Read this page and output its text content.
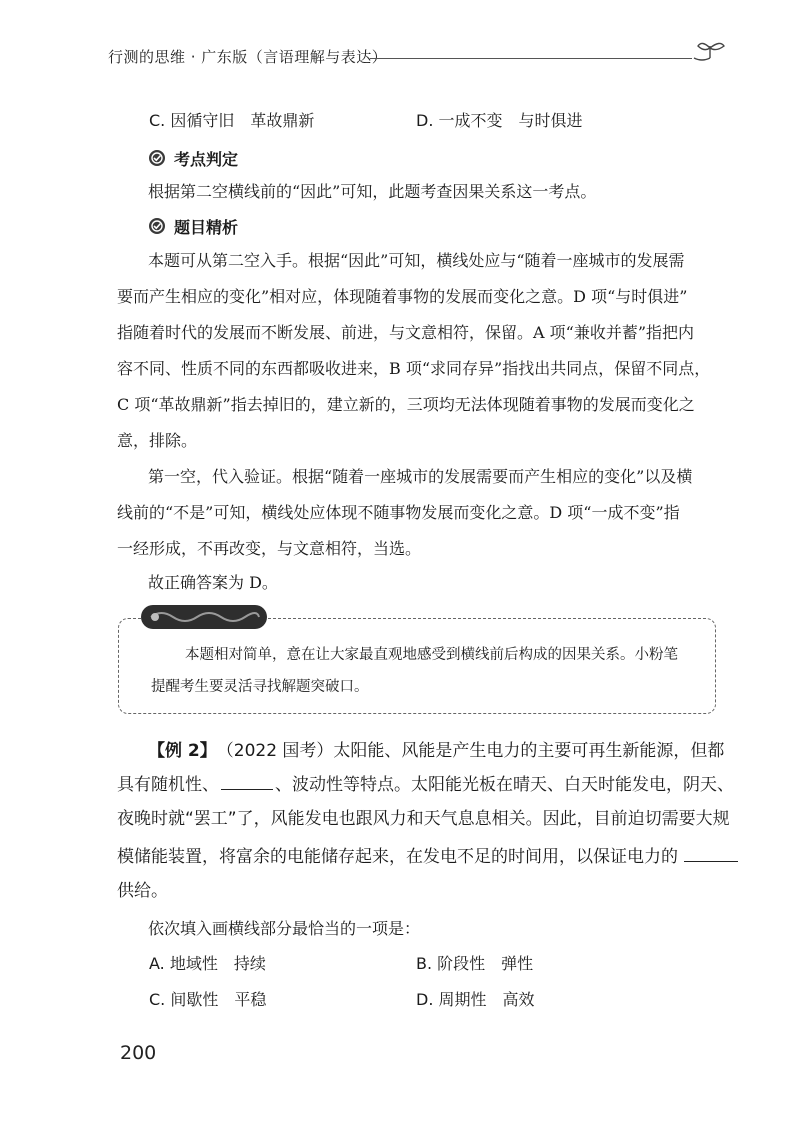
行测的思维 · 广东版（言语理解与表达）
C. 因循守旧　革故鼎新	D. 一成不变　与时俱进
考点判定
根据第二空横线前的“因此”可知，此题考查因果关系这一考点。
题目精析
本题可从第二空入手。根据“因此”可知，横线处应与“随着一座城市的发展需
要而产生相应的变化”相对应，体现随着事物的发展而变化之意。D 项“与时俱进”
指随着时代的发展而不断发展、前进，与文意相符，保留。A 项“兼收并蓄”指把内
容不同、性质不同的东西都吸收进来，B 项“求同存异”指找出共同点，保留不同点，
C 项“革故鼎新”指去掉旧的，建立新的，三项均无法体现随着事物的发展而变化之
意，排除。
第一空，代入验证。根据“随着一座城市的发展需要而产生相应的变化”以及横
线前的“不是”可知，横线处应体现不随事物发展而变化之意。D 项“一成不变”指
一经形成，不再改变，与文意相符，当选。
故正确答案为 D。
本题相对简单，意在让大家最直观地感受到横线前后构成的因果关系。小粉笔
提醒考生要灵活寻找解题突破口。
【例 2】（2022 国考）太阳能、风能是产生电力的主要可再生新能源，但都
具有随机性、	、波动性等特点。太阳能光板在晴天、白天时能发电，阴天、
夜晚时就“罢工”了，风能发电也跟风力和天气息息相关。因此，目前迫切需要大规
模储能装置，将富余的电能储存起来，在发电不足的时间用，以保证电力的
供给。
依次填入画横线部分最恰当的一项是：
A. 地域性　持续	B. 阶段性　弹性
C. 间歇性　平稳	D. 周期性　高效
200
